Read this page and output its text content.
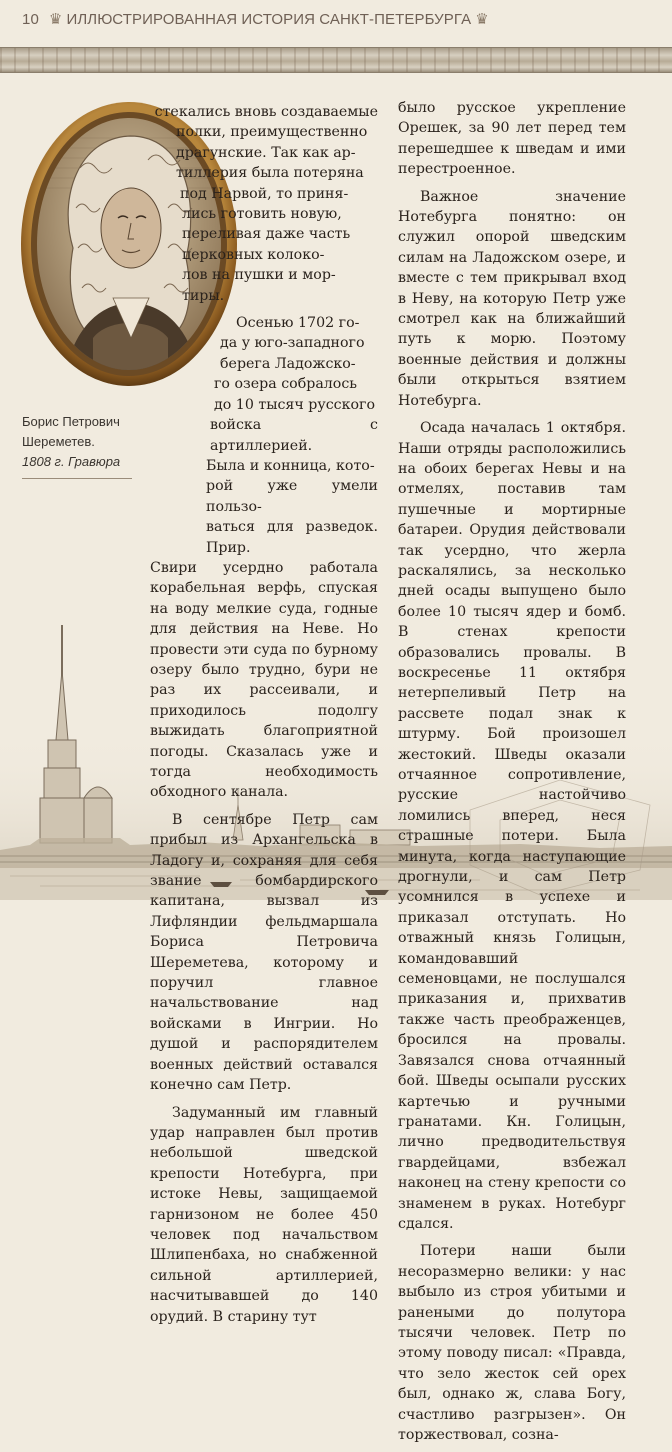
10 ♛ ИЛЛЮСТРИРОВАННАЯ ИСТОРИЯ САНКТ-ПЕТЕРБУРГА ♛
Борис Петрович Шереметев.
1808 г. Гравюра

стекались вновь создаваемые
полки, преимущественно
драгунские. Так как ар-
тиллерия была потеряна
под Нарвой, то приня-
лись готовить новую,
переливая даже часть
церковных колоко-
лов на пушки и мор-
тиры.

Осенью 1702 го-
да у юго-западного
берега Ладожско-
го озера собралось
до 10 тысяч русского
войска с артиллерией.
Была и конница, кото-
рой уже умели пользо-
ваться для разведок. Прир.
Свири усердно работала корабельная верфь, спуская на воду мелкие суда, годные для действия на Неве. Но провести эти суда по бурному озеру было трудно, бури не раз их рассеивали, и приходилось подолгу выжидать благоприятной погоды. Сказалась уже и тогда необходимость обходного канала.

В сентябре Петр сам прибыл из Архангельска в Ладогу и, сохраняя для себя звание бомбардирского капитана, вызвал из Лифляндии фельдмаршала Бориса Петровича Шереметева, которому и поручил главное начальствование над войсками в Ингрии. Но душой и распорядителем военных действий оставался конечно сам Петр.

Задуманный им главный удар направлен был против небольшой шведской крепости Нотебурга, при истоке Невы, защищаемой гарнизоном не более 450 человек под начальством Шлипенбаха, но снабженной сильной артиллерией, насчитывавшей до 140 орудий. В старину тут

было русское укрепление Орешек, за 90 лет перед тем перешедшее к шведам и ими перестроенное.

Важное значение Нотебурга понятно: он служил опорой шведским силам на Ладожском озере, и вместе с тем прикрывал вход в Неву, на которую Петр уже смотрел как на ближайший путь к морю. Поэтому военные действия и должны были открыться взятием Нотебурга.

Осада началась 1 октября. Наши отряды расположились на обоих берегах Невы и на отмелях, поставив там пушечные и мортирные батареи. Орудия действовали так усердно, что жерла раскалялись, за несколько дней осады выпущено было более 10 тысяч ядер и бомб. В стенах крепости образовались провалы. В воскресенье 11 октября нетерпеливый Петр на рассвете подал знак к штурму. Бой произошел жестокий. Шведы оказали отчаянное сопротивление, русские настойчиво ломились вперед, неся страшные потери. Была минута, когда наступающие дрогнули, и сам Петр усомнился в успехе и приказал отступать. Но отважный князь Голицын, командовавший семеновцами, не послушался приказания и, прихватив также часть преображенцев, бросился на провалы. Завязался снова отчаянный бой. Шведы осыпали русских картечью и ручными гранатами. Кн. Голицын, лично предводительствуя гвардейцами, взбежал наконец на стену крепости со знаменем в руках. Нотебург сдался.

Потери наши были несоразмерно велики: у нас выбыло из строя убитыми и ранеными до полутора тысячи человек. Петр по этому поводу писал: «Правда, что зело жесток сей орех был, однако ж, слава Богу, счастливо разгрызен». Он торжествовал, созна-
